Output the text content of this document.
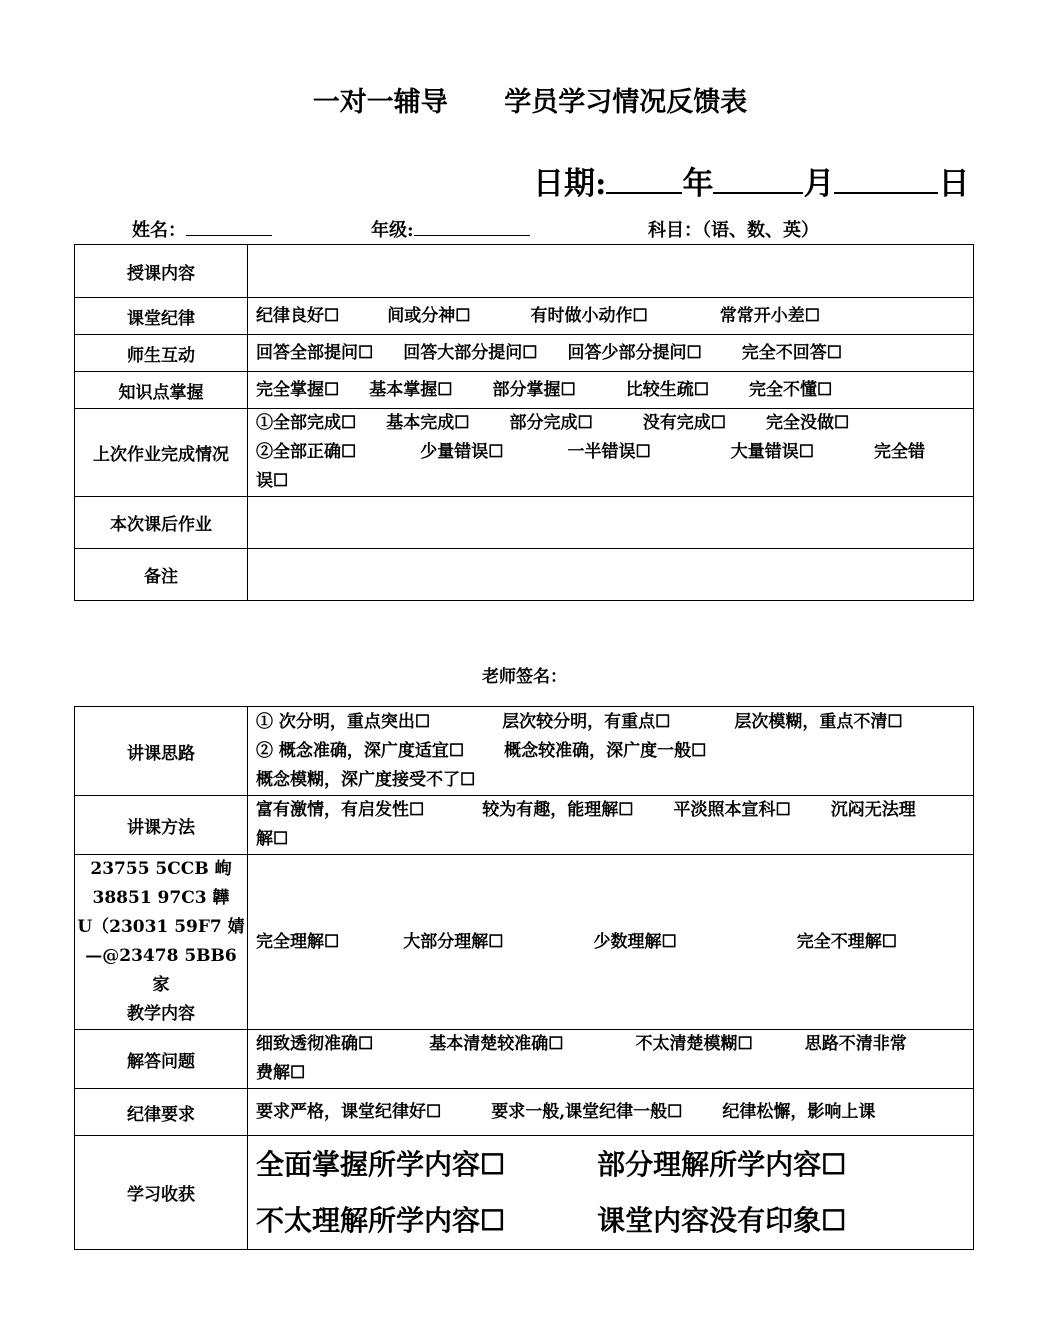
一对一辅导      学员学习情况反馈表
日期: 年	月	日
姓名：	年级:	科目：（语、数、英）
授课内容	
课堂纪律	纪律良好☐ 间或分神☐ 有时做小动作☐ 常常开小差☐

师生互动	回答全部提问☐ 回答大部分提问☐ 回答少部分提问☐ 完全不回答☐

知识点掌握	完全掌握☐ 基本掌握☐ 部分掌握☐ 比较生疏☐ 完全不懂☐

上次作业完成情况	①全部完成☐ 基本完成☐ 部分完成☐ 没有完成☐ 完全没做☐
②全部正确☐ 少量错误☐ 一半错误☐ 大量错误☐ 完全错
误☐

本次课后作业	
备注	
老师签名：
讲课思路	① 次分明，重点突出☐ 层次较分明，有重点☐ 层次模糊，重点不清☐
② 概念准确，深广度适宜☐ 概念较准确，深广度一般☐
概念模糊，深广度接受不了☐

讲课方法	富有激情，有启发性☐ 较为有趣，能理解☐ 平淡照本宣科☐ 沉闷无法理
解☐

23755 5CCB 峋
38851 97C3 韡
U（23031 59F7 婧
—@23478 5BB6 家
教学内容	完全理解☐ 大部分理解☐ 少数理解☐ 完全不理解☐

解答问题	细致透彻准确☐ 基本清楚较准确☐ 不太清楚模糊☐ 思路不清非常
费解☐

纪律要求	要求严格，课堂纪律好☐ 要求一般,课堂纪律一般☐ 纪律松懈，影响上课

学习收获	全面掌握所学内容☐ 部分理解所学内容☐
不太理解所学内容☐ 课堂内容没有印象☐
